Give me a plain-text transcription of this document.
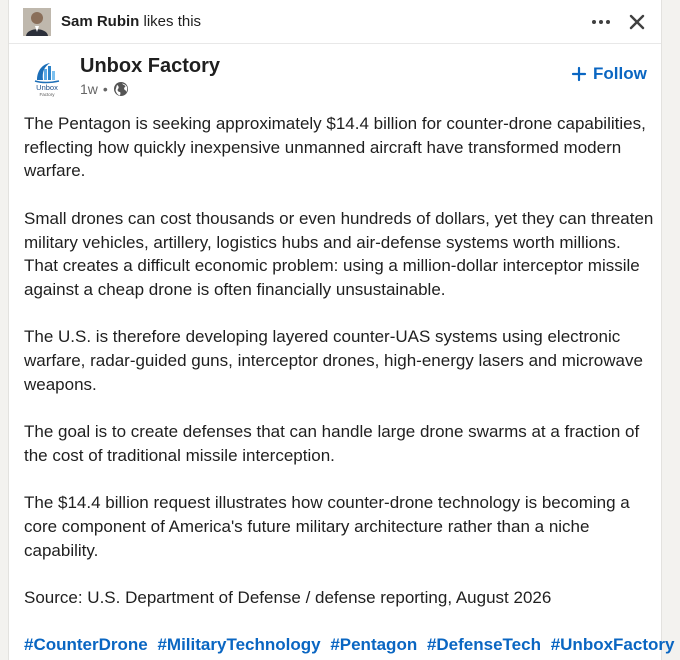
Sam Rubin likes this
Unbox
Factory
Unbox Factory
1w •
Follow

The Pentagon is seeking approximately $14.4 billion for counter-drone capabilities, reflecting how quickly inexpensive unmanned aircraft have transformed modern warfare.

Small drones can cost thousands or even hundreds of dollars, yet they can threaten military vehicles, artillery, logistics hubs and air-defense systems worth millions. That creates a difficult economic problem: using a million-dollar interceptor missile against a cheap drone is often financially unsustainable.

The U.S. is therefore developing layered counter-UAS systems using electronic warfare, radar-guided guns, interceptor drones, high-energy lasers and microwave weapons.

The goal is to create defenses that can handle large drone swarms at a fraction of the cost of traditional missile interception.

The $14.4 billion request illustrates how counter-drone technology is becoming a core component of America's future military architecture rather than a niche capability.

Source: U.S. Department of Defense / defense reporting, August 2026

#CounterDrone #MilitaryTechnology #Pentagon #DefenseTech #UnboxFactory
